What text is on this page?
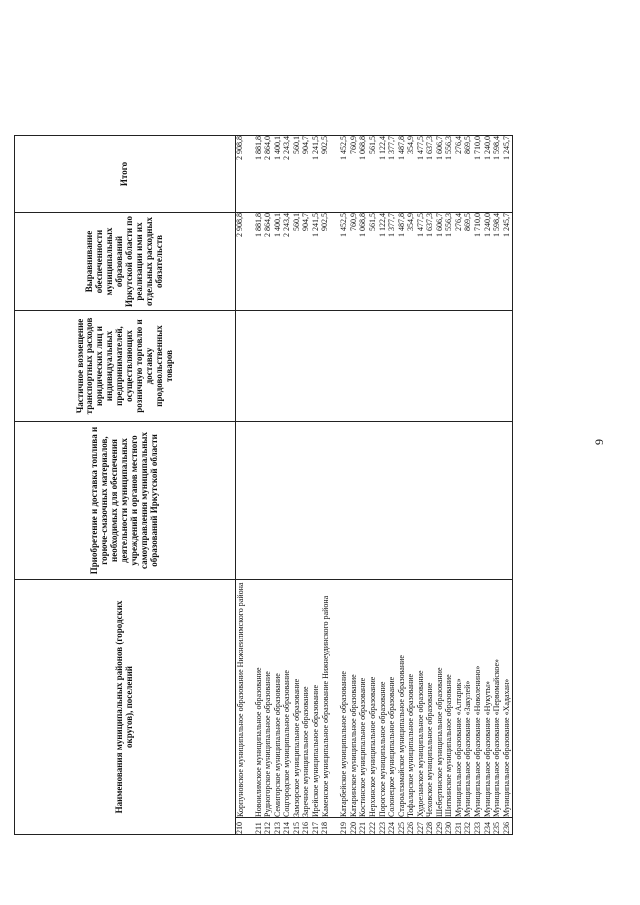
9
Наименования муниципальных районов (городских округов), поселений		Приобретение и доставка топлива и горюче-смазочных материалов, необходимых для обеспечения деятельности муниципальных учреждений и органов местного самоуправления муниципальных образований Иркутской области	Частичное возмещение транспортных расходов юридических лиц и индивидуальных предпринимателей, осуществляющих розничную торговлю и доставку продовольственных товаров	Выравнивание обеспеченности муниципальных образований Иркутской области по реализации ими их отдельных расходных обязательств	Итого
210	Корпуновское муниципальное образование Нижнеилимского района			2 908,8	2 908,8
211	Новоилимское муниципальное образование			1 881,8	1 881,8
212	Рудногорское муниципальное образование			2 864,0	2 864,0
213	Семигорское муниципальное образование			1 400,1	1 400,1
214	Соцгородское муниципальное образование			2 243,4	2 243,4
215	Замзорское муниципальное образование			560,1	560,1
216	Заречное муниципальное образование			904,7	904,7
217	Ирейское муниципальное образование			1 241,5	1 241,5
218	Каменское муниципальное образование Нижнеудинского района			902,5	902,5
219	Катарбейское муниципальное образование			1 452,5	1 452,5
220	Катаринское муниципальное образование			760,9	760,9
221	Костинское муниципальное образование			1 068,8	1 068,8
222	Нерхинское муниципальное образование			561,5	561,5
223	Порогское муниципальное образование			1 122,4	1 122,4
224	Солонецкое муниципальное образование			1 377,7	1 377,7
225	Староалзамайское муниципальное образование			1 487,8	1 487,8
226	Тофаларское муниципальное образование			354,9	354,9
227	Худоеланское муниципальное образование			1 477,5	1 477,5
228	Чеховское муниципальное образование			1 637,3	1 637,3
229	Шебертинское муниципальное образование			1 606,7	1 606,7
230	Шиткинское муниципальное образование			1 556,3	1 556,3
231	Муниципальное образование «Алтарик»			276,4	276,4
232	Муниципальное образование «Закулей»			869,5	869,5
233	Муниципальное образование «Новоленино»			1 710,0	1 710,0
234	Муниципальное образование «Нукуты»			1 240,0	1 240,0
235	Муниципальное образование «Первомайское»			1 598,4	1 598,4
236	Муниципальное образование «Хадахан»			1 245,7	1 245,7
